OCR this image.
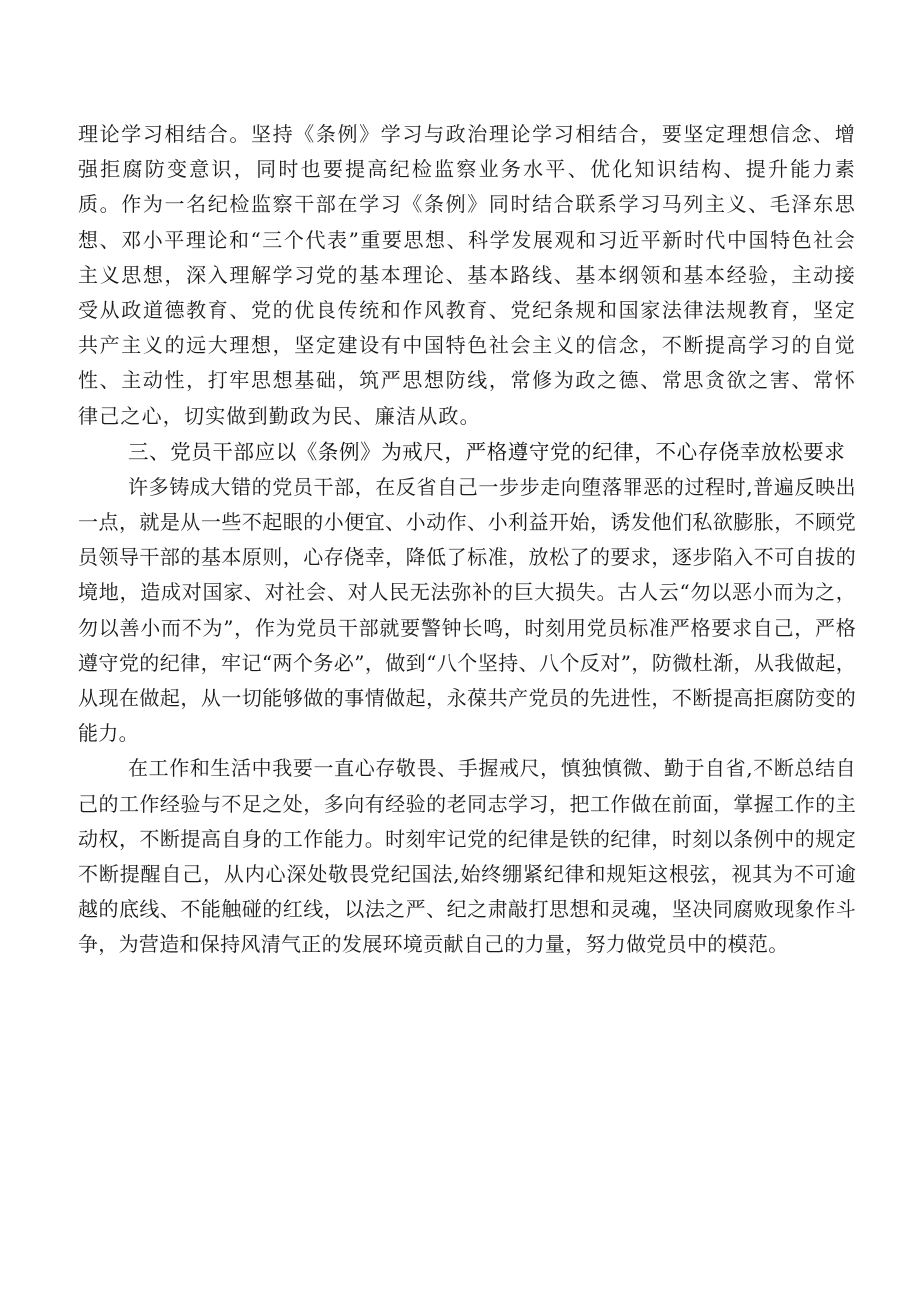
理论学习相结合。坚持《条例》学习与政治理论学习相结合，要坚定理想信念、增强拒腐防变意识，同时也要提高纪检监察业务水平、优化知识结构、提升能力素质。作为一名纪检监察干部在学习《条例》同时结合联系学习马列主义、毛泽东思想、邓小平理论和“三个代表”重要思想、科学发展观和习近平新时代中国特色社会主义思想，深入理解学习党的基本理论、基本路线、基本纲领和基本经验，主动接受从政道德教育、党的优良传统和作风教育、党纪条规和国家法律法规教育，坚定共产主义的远大理想，坚定建设有中国特色社会主义的信念，不断提高学习的自觉性、主动性，打牢思想基础，筑严思想防线，常修为政之德、常思贪欲之害、常怀律己之心，切实做到勤政为民、廉洁从政。

三、党员干部应以《条例》为戒尺，严格遵守党的纪律，不心存侥幸放松要求

许多铸成大错的党员干部，在反省自己一步步走向堕落罪恶的过程时,普遍反映出一点，就是从一些不起眼的小便宜、小动作、小利益开始，诱发他们私欲膨胀，不顾党员领导干部的基本原则，心存侥幸，降低了标准，放松了的要求，逐步陷入不可自拔的境地，造成对国家、对社会、对人民无法弥补的巨大损失。古人云“勿以恶小而为之，勿以善小而不为”，作为党员干部就要警钟长鸣，时刻用党员标准严格要求自己，严格遵守党的纪律，牢记“两个务必”，做到“八个坚持、八个反对”，防微杜渐，从我做起，从现在做起，从一切能够做的事情做起，永葆共产党员的先进性，不断提高拒腐防变的能力。

在工作和生活中我要一直心存敬畏、手握戒尺，慎独慎微、勤于自省,不断总结自己的工作经验与不足之处，多向有经验的老同志学习，把工作做在前面，掌握工作的主动权，不断提高自身的工作能力。时刻牢记党的纪律是铁的纪律，时刻以条例中的规定不断提醒自己，从内心深处敬畏党纪国法,始终绷紧纪律和规矩这根弦，视其为不可逾越的底线、不能触碰的红线，以法之严、纪之肃敲打思想和灵魂，坚决同腐败现象作斗争，为营造和保持风清气正的发展环境贡献自己的力量，努力做党员中的模范。
